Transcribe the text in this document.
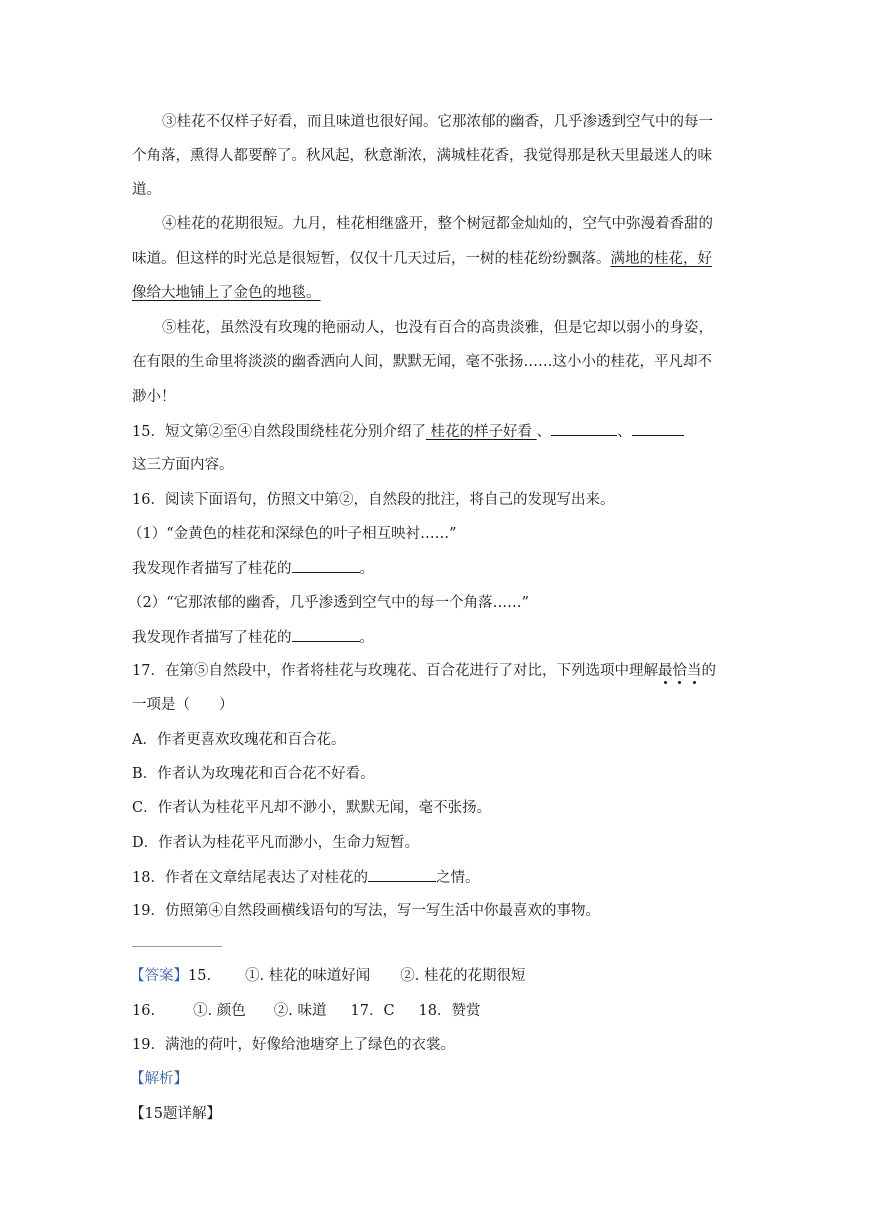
③桂花不仅样子好看，而且味道也很好闻。它那浓郁的幽香，几乎渗透到空气中的每一
个角落，熏得人都要醉了。秋风起，秋意渐浓，满城桂花香，我觉得那是秋天里最迷人的味
道。
④桂花的花期很短。九月，桂花相继盛开，整个树冠都金灿灿的，空气中弥漫着香甜的
味道。但这样的时光总是很短暂，仅仅十几天过后，一树的桂花纷纷飘落。满地的桂花，好
像给大地铺上了金色的地毯。
⑤桂花，虽然没有玫瑰的艳丽动人，也没有百合的高贵淡雅，但是它却以弱小的身姿，
在有限的生命里将淡淡的幽香洒向人间，默默无闻，毫不张扬……这小小的桂花，平凡却不
渺小！
15．短文第②至④自然段围绕桂花分别介绍了 桂花的样子好看 、	、
这三方面内容。
16．阅读下面语句，仿照文中第②，自然段的批注，将自己的发现写出来。
（1）“金黄色的桂花和深绿色的叶子相互映衬……”
我发现作者描写了桂花的	。
（2）“它那浓郁的幽香，几乎渗透到空气中的每一个角落……”
我发现作者描写了桂花的	。
17．在第⑤自然段中，作者将桂花与玫瑰花、百合花进行了对比，下列选项中理解最恰当的
一项是（　　）
A．作者更喜欢玫瑰花和百合花。
B．作者认为玫瑰花和百合花不好看。
C．作者认为桂花平凡却不渺小，默默无闻，毫不张扬。
D．作者认为桂花平凡而渺小，生命力短暂。
18．作者在文章结尾表达了对桂花的	之情。
19．仿照第④自然段画横线语句的写法，写一写生活中你最喜欢的事物。
【答案】15. ①. 桂花的味道好闻 ②. 桂花的花期很短
16.	①. 颜色 ②. 味道 17．C 18．赞赏
19．满池的荷叶，好像给池塘穿上了绿色的衣裳。
【解析】
【15题详解】
